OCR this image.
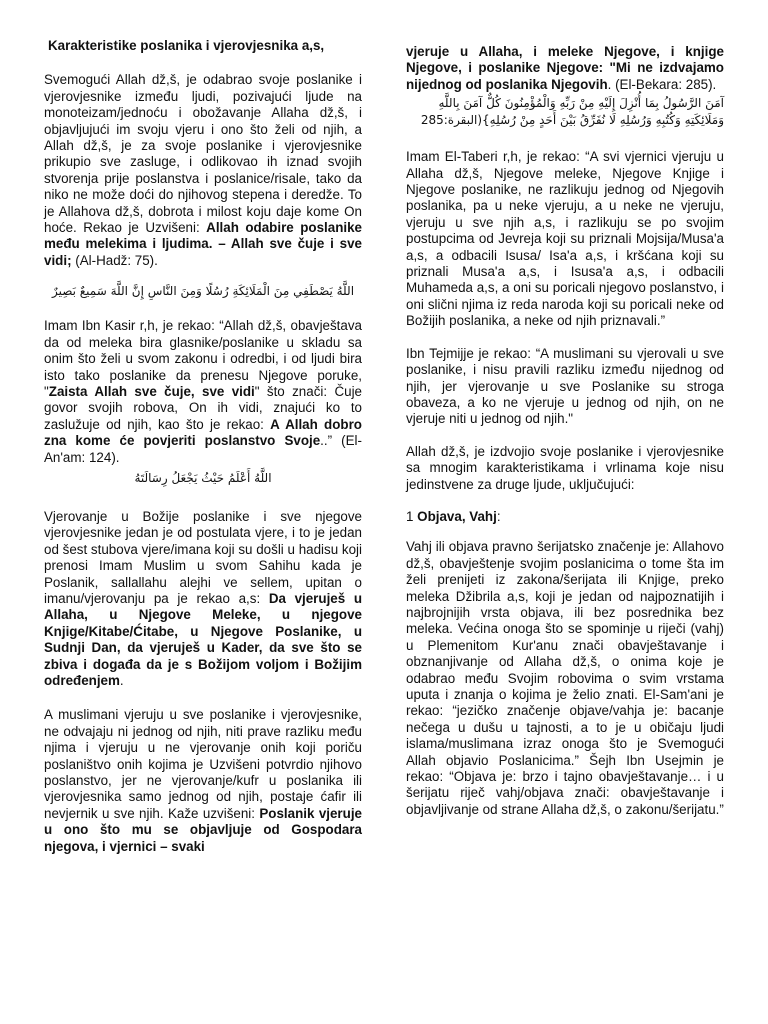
Karakteristike poslanika i vjerovjesnika a,s,
Svemogući Allah dž,š, je odabrao svoje poslanike i vjerovjesnike između ljudi, pozivajući ljude na monoteizam/jednoću i obožavanje Allaha dž,š, i objavljujući im svoju vjeru i ono što želi od njih, a Allah dž,š, je za svoje poslanike i vjerovjesnike prikupio sve zasluge, i odlikovao ih iznad svojih stvorenja prije poslanstva i poslanice/risale, tako da niko ne može doći do njihovog stepena i deredže. To je Allahova dž,š, dobrota i milost koju daje kome On hoće. Rekao je Uzvišeni: Allah odabire poslanike među melekima i ljudima. – Allah sve čuje i sve vidi; (Al-Hadž: 75).
اللَّهُ يَصْطَفِي مِنَ الْمَلَائِكَةِ رُسُلًا وَمِنَ النَّاسِ إِنَّ اللَّهَ سَمِيعٌ بَصِيرٌ
Imam Ibn Kasir r,h, je rekao: “Allah dž,š, obavještava da od meleka bira glasnike/poslanike u skladu sa onim što želi u svom zakonu i odredbi, i od ljudi bira isto tako poslanike da prenesu Njegove poruke, "Zaista Allah sve čuje, sve vidi" što znači: Čuje govor svojih robova, On ih vidi, znajući ko to zaslužuje od njih, kao što je rekao: A Allah dobro zna kome će povjeriti poslanstvo Svoje..” (El-An'am: 124).
اللَّهُ أَعْلَمُ حَيْثُ يَجْعَلُ رِسَالَتَهُ
Vjerovanje u Božije poslanike i sve njegove vjerovjesnike jedan je od postulata vjere, i to je jedan od šest stubova vjere/imana koji su došli u hadisu koji prenosi Imam Muslim u svom Sahihu kada je Poslanik, sallallahu alejhi ve sellem, upitan o imanu/vjerovanju pa je rekao a,s: Da vjeruješ u Allaha, u Njegove Meleke, u njegove Knjige/Kitabe/Ćitabe, u Njegove Poslanike, u Sudnji Dan, da vjeruješ u Kader, da sve što se zbiva i događa da je s Božijom voljom i Božijim određenjem.
A muslimani vjeruju u sve poslanike i vjerovjesnike, ne odvajaju ni jednog od njih, niti prave razliku među njima i vjeruju u ne vjerovanje onih koji poriču poslaništvo onih kojima je Uzvišeni potvrdio njihovo poslanstvo, jer ne vjerovanje/kufr u poslanika ili vjerovjesnika samo jednog od njih, postaje ćafir ili nevjernik u sve njih. Kaže uzvišeni: Poslanik vjeruje u ono što mu se objavljuje od Gospodara njegova, i vjernici – svaki
vjeruje u Allaha, i meleke Njegove, i knjige Njegove, i poslanike Njegove: "Mi ne izdvajamo nijednog od poslanika Njegovih. (El-Bekara: 285).
آمَنَ الرَّسُولُ بِمَا أُنْزِلَ إِلَيْهِ مِنْ رَبِّهِ وَالْمُؤْمِنُونَ كُلٌّ آمَنَ بِاللَّهِ وَمَلَائِكَتِهِ وَكُتُبِهِ وَرُسُلِهِ لَا نُفَرِّقُ بَيْنَ أَحَدٍ مِنْ رُسُلِهِ}(البقرة:285
Imam El-Taberi r,h, je rekao: “A svi vjernici vjeruju u Allaha dž,š, Njegove meleke, Njegove Knjige i Njegove poslanike, ne razlikuju jednog od Njegovih poslanika, pa u neke vjeruju, a u neke ne vjeruju, vjeruju u sve njih a,s, i razlikuju se po svojim postupcima od Jevreja koji su priznali Mojsija/Musa'a a,s, a odbacili Isusa/ Isa'a a,s, i kršćana koji su priznali Musa'a a,s, i Isusa'a a,s, i odbacili Muhameda a,s, a oni su poricali njegovo poslanstvo, i oni slični njima iz reda naroda koji su poricali neke od Božijih poslanika, a neke od njih priznavali.”
Ibn Tejmijje je rekao: “A muslimani su vjerovali u sve poslanike, i nisu pravili razliku između nijednog od njih, jer vjerovanje u sve Poslanike su stroga obaveza, a ko ne vjeruje u jednog od njih, on ne vjeruje niti u jednog od njih."
Allah dž,š, je izdvojio svoje poslanike i vjerovjesnike sa mnogim karakteristikama i vrlinama koje nisu jedinstvene za druge ljude, uključujući:
1 Objava, Vahj:
Vahj ili objava pravno šerijatsko značenje je: Allahovo dž,š, obavještenje svojim poslanicima o tome šta im želi prenijeti iz zakona/šerijata ili Knjige, preko meleka Džibrila a,s, koji je jedan od najpoznatijih i najbrojnijih vrsta objava, ili bez posrednika bez meleka. Većina onoga što se spominje u riječi (vahj) u Plemenitom Kur'anu znači obavještavanje i obznanjivanje od Allaha dž,š, o onima koje je odabrao među Svojim robovima o svim vrstama uputa i znanja o kojima je želio znati. El-Sam'ani je rekao: “jezičko značenje objave/vahja je: bacanje nečega u dušu u tajnosti, a to je u običaju ljudi islama/muslimana izraz onoga što je Svemogući Allah objavio Poslanicima.” Šejh Ibn Usejmin je rekao: “Objava je: brzo i tajno obavještavanje… i u šerijatu riječ vahj/objava znači: obavještavanje i objavljivanje od strane Allaha dž,š, o zakonu/šerijatu.”
